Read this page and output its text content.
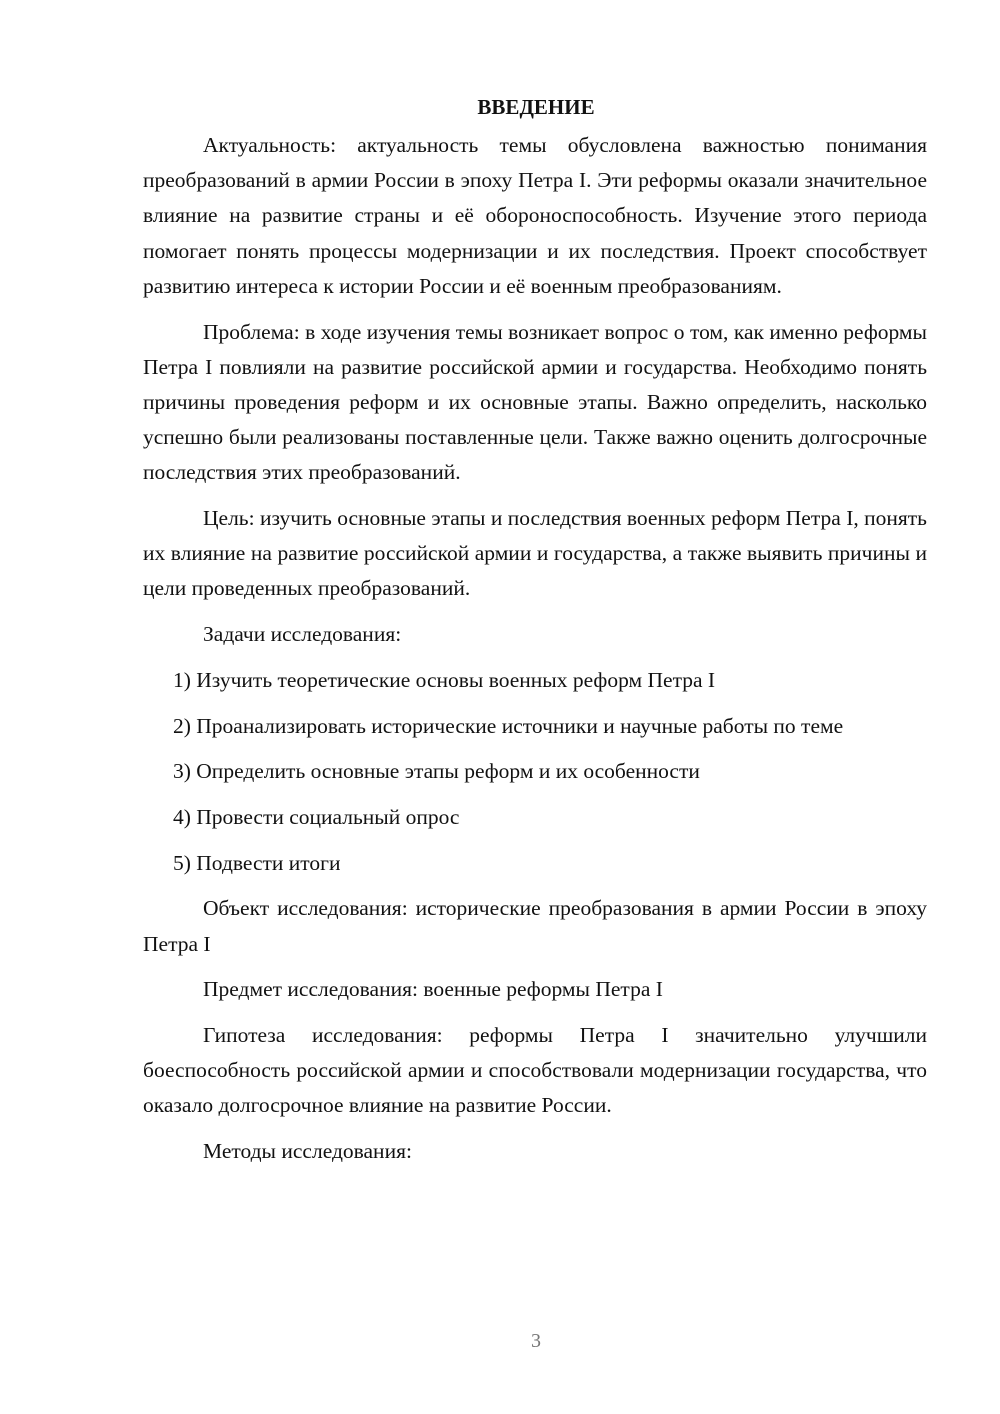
ВВЕДЕНИЕ

Актуальность: актуальность темы обусловлена важностью понимания преобразований в армии России в эпоху Петра I. Эти реформы оказали значительное влияние на развитие страны и её обороноспособность. Изучение этого периода помогает понять процессы модернизации и их последствия. Проект способствует развитию интереса к истории России и её военным преобразованиям.

Проблема: в ходе изучения темы возникает вопрос о том, как именно реформы Петра I повлияли на развитие российской армии и государства. Необходимо понять причины проведения реформ и их основные этапы. Важно определить, насколько успешно были реализованы поставленные цели. Также важно оценить долгосрочные последствия этих преобразований.

Цель: изучить основные этапы и последствия военных реформ Петра I, понять их влияние на развитие российской армии и государства, а также выявить причины и цели проведенных преобразований.

Задачи исследования:

1) Изучить теоретические основы военных реформ Петра I

2) Проанализировать исторические источники и научные работы по теме

3) Определить основные этапы реформ и их особенности

4) Провести социальный опрос

5) Подвести итоги

Объект исследования: исторические преобразования в армии России в эпоху Петра I

Предмет исследования: военные реформы Петра I

Гипотеза исследования: реформы Петра I значительно улучшили боеспособность российской армии и способствовали модернизации государства, что оказало долгосрочное влияние на развитие России.

Методы исследования:

3
